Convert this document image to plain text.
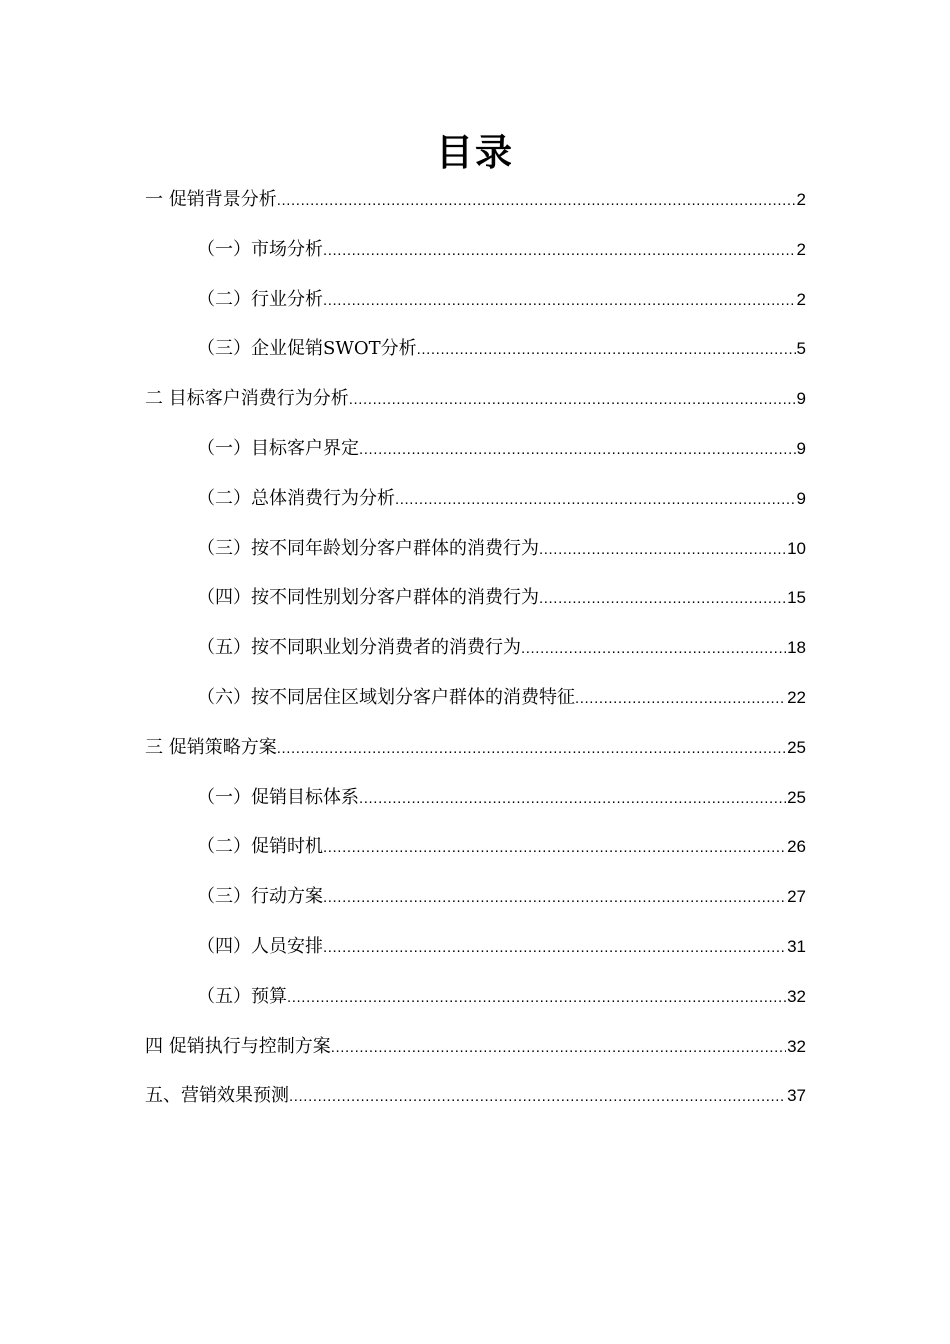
目录
一 促销背景分析 .....	2
（一）市场分析 .....	2
（二）行业分析 .....	2
（三）企业促销SWOT分析 .....	5
二 目标客户消费行为分析 .....	9
（一）目标客户界定 .....	9
（二）总体消费行为分析 .....	9
（三）按不同年龄划分客户群体的消费行为 .....	10
（四）按不同性别划分客户群体的消费行为 .....	15
（五）按不同职业划分消费者的消费行为 .....	18
（六）按不同居住区域划分客户群体的消费特征 .....	22
三 促销策略方案 .....	25
（一）促销目标体系 .....	25
（二）促销时机 .....	26
（三）行动方案 .....	27
（四）人员安排 .....	31
（五）预算 .....	32
四 促销执行与控制方案 .....	32
五、营销效果预测 .....	37
